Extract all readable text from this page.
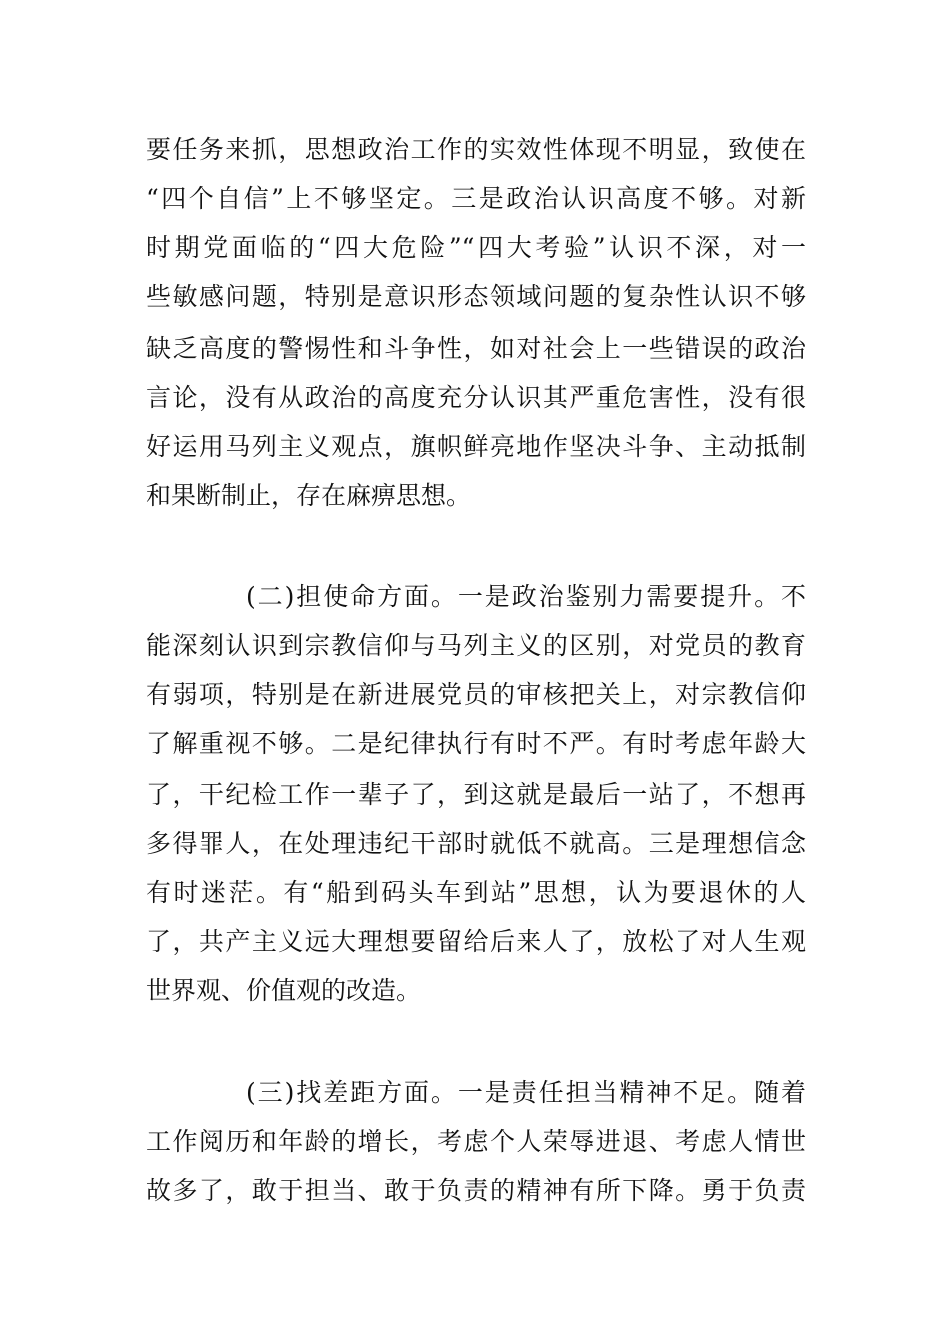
要任务来抓，思想政治工作的实效性体现不明显，致使在
“四个自信”上不够坚定。三是政治认识高度不够。对新
时期党面临的“四大危险”“四大考验”认识不深，对一
些敏感问题，特别是意识形态领域问题的复杂性认识不够
缺乏高度的警惕性和斗争性，如对社会上一些错误的政治
言论，没有从政治的高度充分认识其严重危害性，没有很
好运用马列主义观点，旗帜鲜亮地作坚决斗争、主动抵制
和果断制止，存在麻痹思想。
(二)担使命方面。一是政治鉴别力需要提升。不
能深刻认识到宗教信仰与马列主义的区别，对党员的教育
有弱项，特别是在新进展党员的审核把关上，对宗教信仰
了解重视不够。二是纪律执行有时不严。有时考虑年龄大
了，干纪检工作一辈子了，到这就是最后一站了，不想再
多得罪人，在处理违纪干部时就低不就高。三是理想信念
有时迷茫。有“船到码头车到站”思想，认为要退休的人
了，共产主义远大理想要留给后来人了，放松了对人生观
世界观、价值观的改造。
(三)找差距方面。一是责任担当精神不足。随着
工作阅历和年龄的增长，考虑个人荣辱进退、考虑人情世
故多了，敢于担当、敢于负责的精神有所下降。勇于负责
